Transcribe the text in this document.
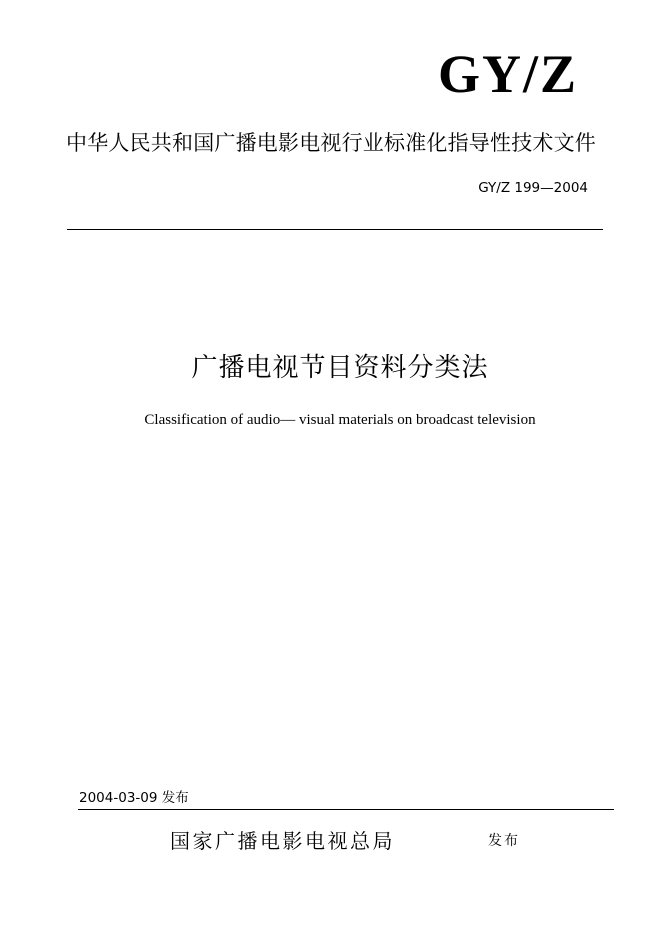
GY/Z
中华人民共和国广播电影电视行业标准化指导性技术文件
GY/Z 199—2004
广播电视节目资料分类法
Classification of audio— visual materials on broadcast television
2004-03-09 发布
国家广播电影电视总局	发布
